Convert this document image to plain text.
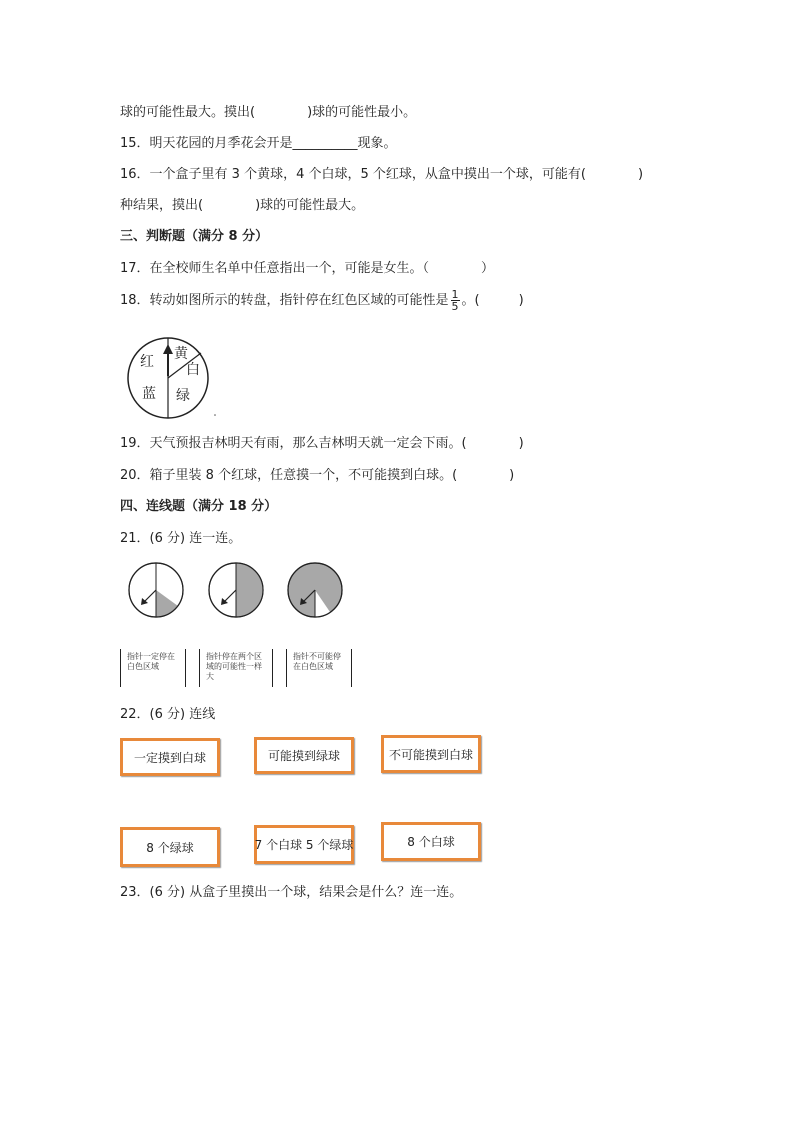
球的可能性最大。摸出(　　　　)球的可能性最小。
15．明天花园的月季花会开是__________现象。
16．一个盒子里有 3 个黄球，4 个白球，5 个红球，从盒中摸出一个球，可能有(　　　　)
种结果，摸出(　　　　)球的可能性最大。
三、判断题（满分 8 分）
17．在全校师生名单中任意指出一个，可能是女生。（　　　　）
18．转动如图所示的转盘，指针停在红色区域的可能性是 $\frac{1}{5}$ 。(　　　)
红 黄
白
蓝 绿
19．天气预报吉林明天有雨，那么吉林明天就一定会下雨。(　　　　)
20．箱子里装 8 个红球，任意摸一个，不可能摸到白球。(　　　　)
四、连线题（满分 18 分）
21．(6 分) 连一连。
指针一定停在白色区域
指针停在两个区域的可能性一样大
指针不可能停在白色区域
22．(6 分) 连线
一定摸到白球	可能摸到绿球	不可能摸到白球
8 个绿球	7 个白球 5 个绿球	8 个白球
23．(6 分) 从盒子里摸出一个球，结果会是什么？连一连。
